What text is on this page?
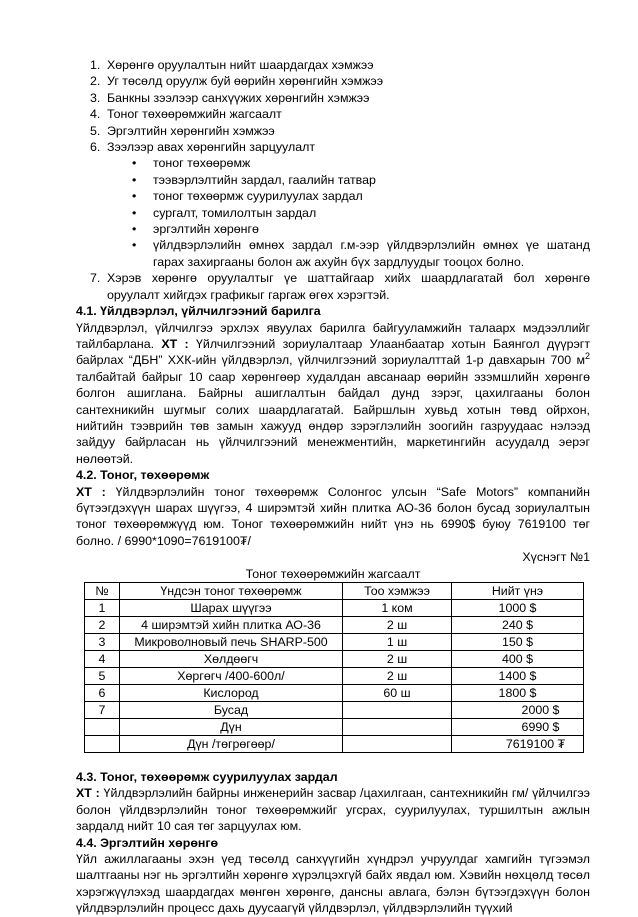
1. Хөрөнгө оруулалтын нийт шаардагдах хэмжээ
2. Уг төсөлд оруулж буй өөрийн хөрөнгийн хэмжээ
3. Банкны зээлээр санхүүжих хөрөнгийн хэмжээ
4. Тоног төхөөрөмжийн жагсаалт
5. Эргэлтийн хөрөнгийн хэмжээ
6. Зээлээр авах хөрөнгийн зарцуулалт
• тоног төхөөрөмж
• тээвэрлэлтийн зардал, гаалийн татвар
• тоног төхөөрмж суурилуулах зардал
• сургалт, томилолтын зардал
• эргэлтийн хөрөнгө
• үйлдвэрлэлийн өмнөх зардал г.м-ээр үйлдвэрлэлийн өмнөх үе шатанд гарах захиргааны болон аж ахуйн бүх зардлуудыг тооцох болно.
7. Хэрэв хөрөнгө оруулалтыг үе шаттайгаар хийх шаардлагатай бол хөрөнгө оруулалт хийгдэх графикыг гаргаж өгөх хэрэгтэй.
4.1. Үйлдвэрлэл, үйлчилгээний барилга

Үйлдвэрлэл, үйлчилгээ эрхлэх явуулах барилга байгууламжийн талаарх мэдээллийг тайлбарлана. ХТ : Үйлчилгээний зориулалтаар Улаанбаатар хотын Баянгол дүүрэгт байрлах “ДБН” ХХК-ийн үйлдвэрлэл, үйлчилгээний зориулалттай 1-р давхарын 700 $м^2$ талбайтай байрыг 10 саар хөрөнгөөр худалдан авсанаар өөрийн эзэмшлийн хөрөнгө болгон ашиглана. Байрны ашиглалтын байдал дунд зэрэг, цахилгааны болон сантехникийн шугмыг солих шаардлагатай. Байршлын хувьд хотын төвд ойрхон, нийтийн тээврийн төв замын хажууд өндөр зэрэглэлийн зоогийн газруудаас нэлээд зайдуу байрласан нь үйлчилгээний менежментийн, маркетингийн асуудалд эерэг нөлөөтэй.

4.2. Тоног, төхөөрөмж

ХТ : Үйлдвэрлэлийн тоног төхөөрөмж Солонгос улсын “Safe Motors” компанийн бүтээгдэхүүн шарах шүүгээ, 4 ширэмтэй хийн плитка АО-36 болон бусад зориулалтын тоног төхөөрөмжүүд юм. Тоног төхөөрөмжийн нийт үнэ нь 6990$ буюу 7619100 төг болно. / 6990*1090=7619100₮/

Хүснэгт №1
Тоног төхөөрөмжийн жагсаалт
№	Үндсэн тоног төхөөрөмж	Тоо хэмжээ	Нийт үнэ
1	Шарах шүүгээ	1 ком	1000 $
2	4 ширэмтэй хийн плитка АО-36	2 ш	240 $
3	Микроволновый печь SHARP-500	1 ш	150 $
4	Хөлдөөгч	2 ш	400 $
5	Хөргөгч /400-600л/	2 ш	1400 $
6	Кислород	60 ш	1800 $
7	Бусад		2000 $
	Дүн		6990 $
	Дүн /төгрөгөөр/		7619100 ₮
4.3. Тоног, төхөөрөмж суурилуулах зардал

ХТ : Үйлдвэрлэлийн байрны инженерийн засвар /цахилгаан, сантехникийн гм/ үйлчилгээ болон үйлдвэрлэлийн тоног төхөөрөмжийг угсрах, суурилуулах, туршилтын ажлын зардалд нийт 10 сая төг зарцуулах юм.

4.4. Эргэлтийн хөрөнгө

Үйл ажиллагааны эхэн үед төсөлд санхүүгийн хүндрэл учруулдаг хамгийн түгээмэл шалтгааны нэг нь эргэлтийн хөрөнгө хүрэлцэхгүй байх явдал юм. Хэвийн нөхцөлд төсөл хэрэгжүүлэхэд шаардагдах мөнгөн хөрөнгө, дансны авлага, бэлэн бүтээгдэхүүн болон үйлдвэрлэлийн процесс дахь дуусаагүй үйлдвэрлэл, үйлдвэрлэлийн түүхий
